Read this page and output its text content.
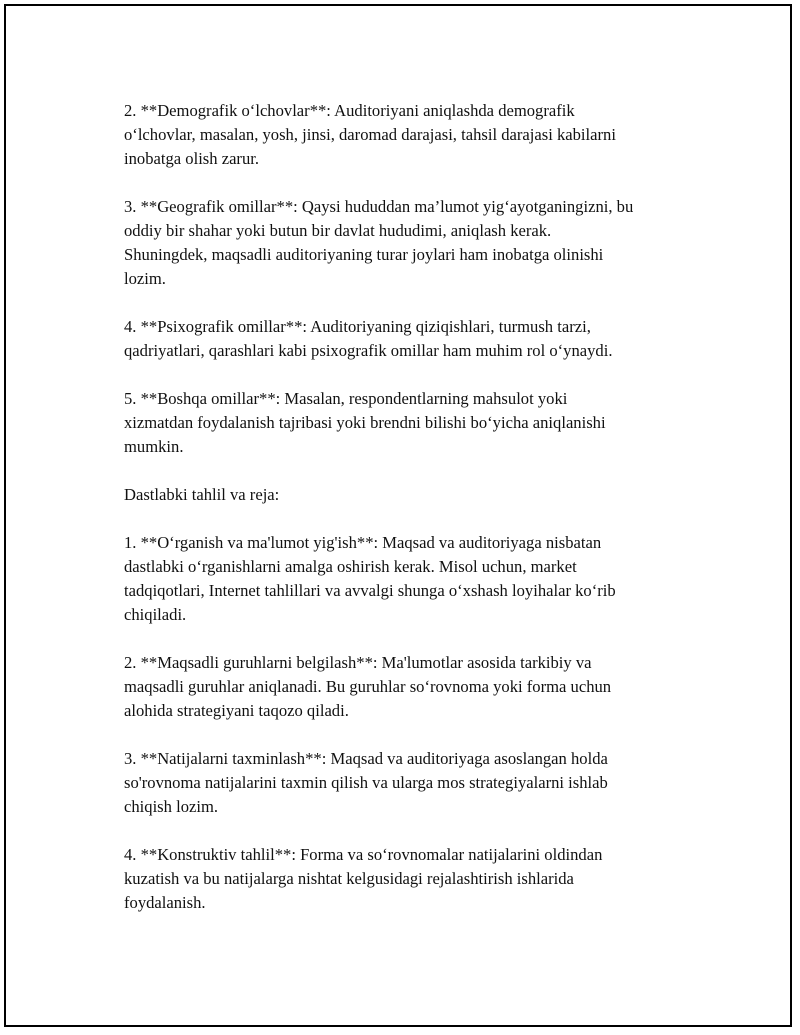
2. **Demografik o‘lchovlar**: Auditoriyani aniqlashda demografik
o‘lchovlar, masalan, yosh, jinsi, daromad darajasi, tahsil darajasi kabilarni
inobatga olish zarur.

3. **Geografik omillar**: Qaysi hududdan ma’lumot yig‘ayotganingizni, bu
oddiy bir shahar yoki butun bir davlat hududimi, aniqlash kerak.
Shuningdek, maqsadli auditoriyaning turar joylari ham inobatga olinishi
lozim.

4. **Psixografik omillar**: Auditoriyaning qiziqishlari, turmush tarzi,
qadriyatlari, qarashlari kabi psixografik omillar ham muhim rol o‘ynaydi.

5. **Boshqa omillar**: Masalan, respondentlarning mahsulot yoki
xizmatdan foydalanish tajribasi yoki brendni bilishi bo‘yicha aniqlanishi
mumkin.

Dastlabki tahlil va reja:

1. **O‘rganish va ma'lumot yig'ish**: Maqsad va auditoriyaga nisbatan
dastlabki o‘rganishlarni amalga oshirish kerak. Misol uchun, market
tadqiqotlari, Internet tahlillari va avvalgi shunga o‘xshash loyihalar ko‘rib
chiqiladi.

2. **Maqsadli guruhlarni belgilash**: Ma'lumotlar asosida tarkibiy va
maqsadli guruhlar aniqlanadi. Bu guruhlar so‘rovnoma yoki forma uchun
alohida strategiyani taqozo qiladi.

3. **Natijalarni taxminlash**: Maqsad va auditoriyaga asoslangan holda
so'rovnoma natijalarini taxmin qilish va ularga mos strategiyalarni ishlab
chiqish lozim.

4. **Konstruktiv tahlil**: Forma va so‘rovnomalar natijalarini oldindan
kuzatish va bu natijalarga nishtat kelgusidagi rejalashtirish ishlarida
foydalanish.
